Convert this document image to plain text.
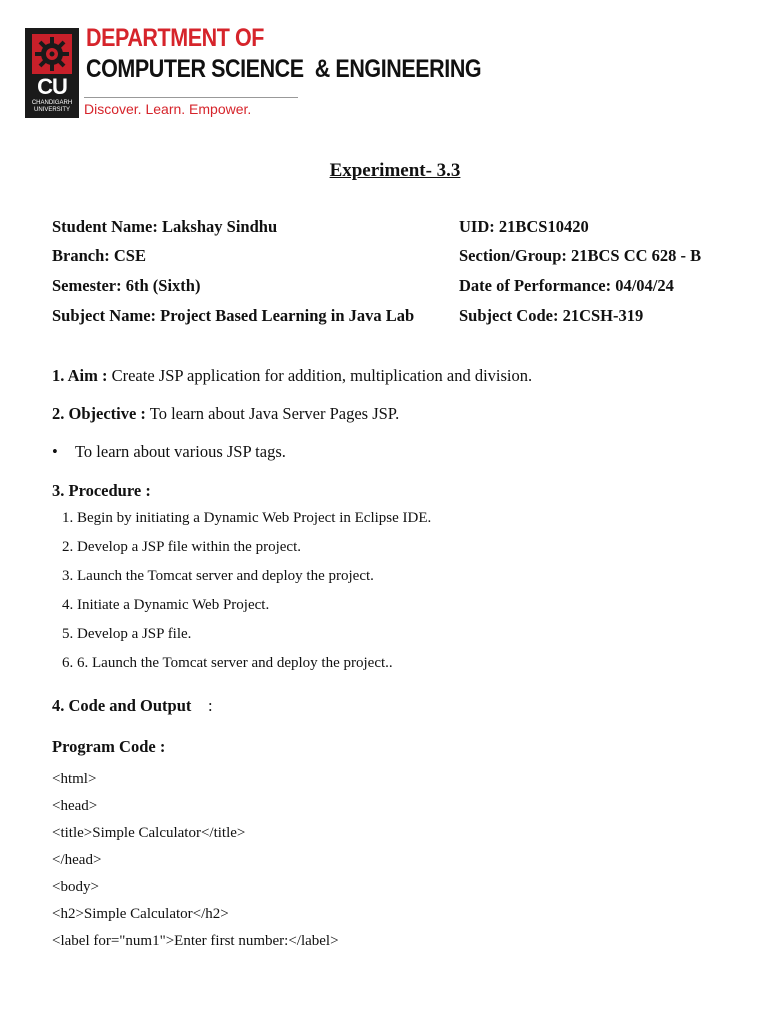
CU
CHANDIGARH UNIVERSITY
DEPARTMENT OF
COMPUTER SCIENCE  & ENGINEERING
Discover. Learn. Empower.
Experiment- 3.3
Student Name: Lakshay Sindhu	UID: 21BCS10420
Branch: CSE	Section/Group: 21BCS CC 628 - B
Semester: 6th (Sixth)	Date of Performance: 04/04/24
Subject Name: Project Based Learning in Java Lab	Subject Code: 21CSH-319
1. Aim : Create JSP application for addition, multiplication and division.
2. Objective : To learn about Java Server Pages JSP.
• To learn about various JSP tags.
3. Procedure :
1. Begin by initiating a Dynamic Web Project in Eclipse IDE.
2. Develop a JSP file within the project.
3. Launch the Tomcat server and deploy the project.
4. Initiate a Dynamic Web Project.
5. Develop a JSP file.
6. 6. Launch the Tomcat server and deploy the project..
4. Code and Output :
Program Code :
<html>
<head>
<title>Simple Calculator</title>
</head>
<body>
<h2>Simple Calculator</h2>
<label for="num1">Enter first number:</label>
